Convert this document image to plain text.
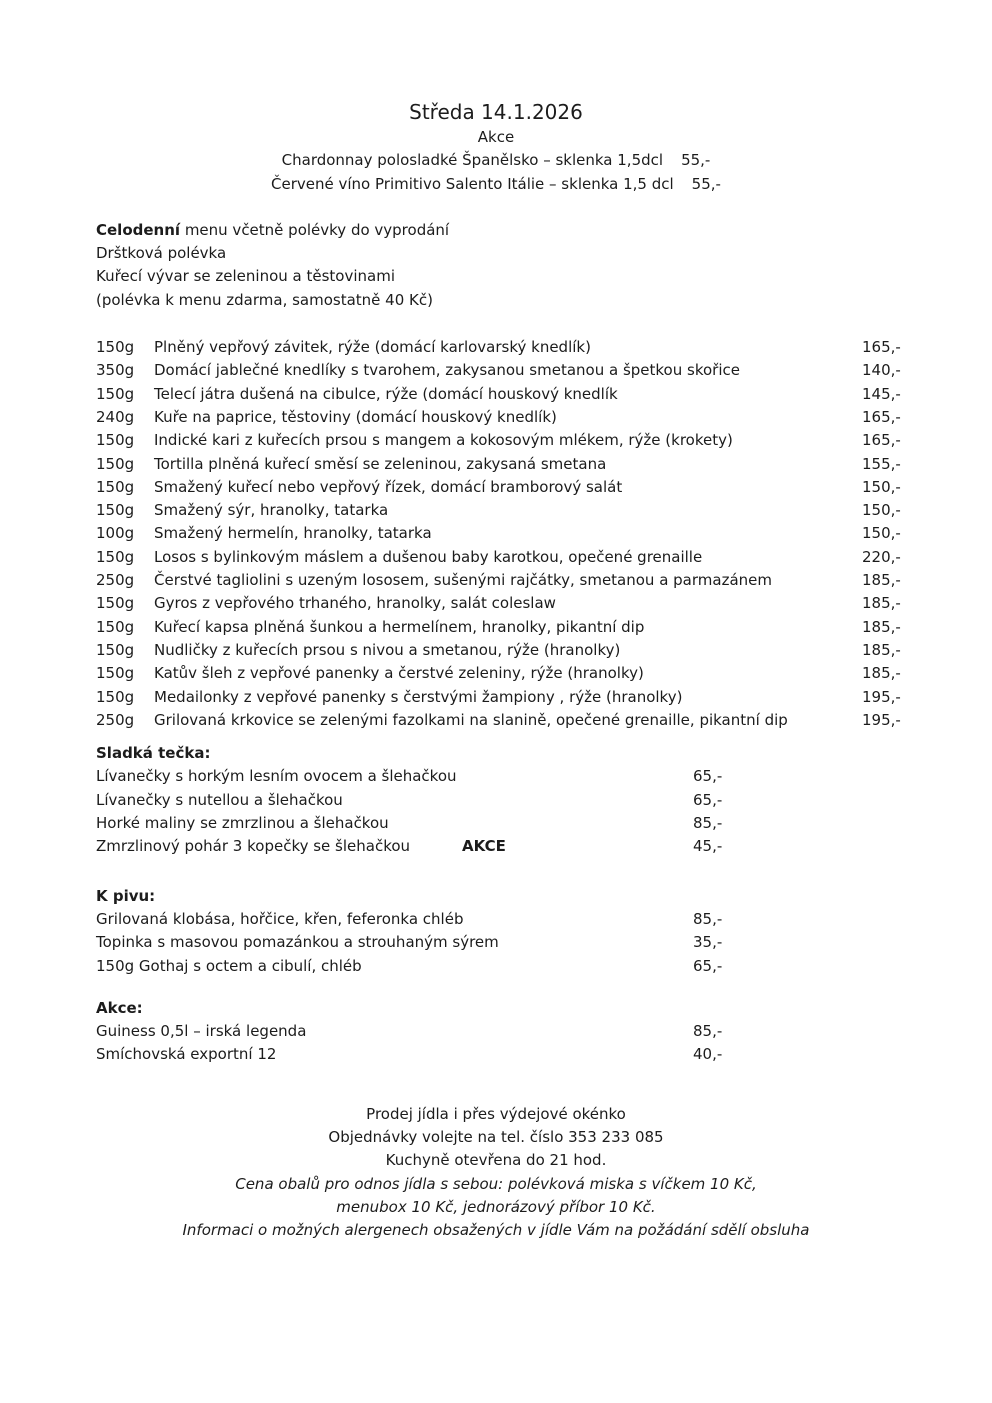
Středa 14.1.2026
Akce
Chardonnay polosladké Španělsko – sklenka 1,5dcl 55,-
Červené víno Primitivo Salento Itálie – sklenka 1,5 dcl 55,-
Celodenní menu včetně polévky do vyprodání
Drštková polévka
Kuřecí vývar se zeleninou a těstovinami
(polévka k menu zdarma, samostatně 40 Kč)
150g	Plněný vepřový závitek, rýže (domácí karlovarský knedlík)	165,-
350g	Domácí jablečné knedlíky s tvarohem, zakysanou smetanou a špetkou skořice	140,-
150g	Telecí játra dušená na cibulce, rýže (domácí houskový knedlík	145,-
240g	Kuře na paprice, těstoviny (domácí houskový knedlík)	165,-
150g	Indické kari z kuřecích prsou s mangem a kokosovým mlékem, rýže (krokety)	165,-
150g	Tortilla plněná kuřecí směsí se zeleninou, zakysaná smetana	155,-
150g	Smažený kuřecí nebo vepřový řízek, domácí bramborový salát	150,-
150g	Smažený sýr, hranolky, tatarka	150,-
100g	Smažený hermelín, hranolky, tatarka	150,-
150g	Losos s bylinkovým máslem a dušenou baby karotkou, opečené grenaille	220,-
250g	Čerstvé tagliolini s uzeným lososem, sušenými rajčátky, smetanou a parmazánem	185,-
150g	Gyros z vepřového trhaného, hranolky, salát coleslaw	185,-
150g	Kuřecí kapsa plněná šunkou a hermelínem, hranolky, pikantní dip	185,-
150g	Nudličky z kuřecích prsou s nivou a smetanou, rýže (hranolky)	185,-
150g	Katův šleh z vepřové panenky a čerstvé zeleniny, rýže (hranolky)	185,-
150g	Medailonky z vepřové panenky s čerstvými žampiony , rýže (hranolky)	195,-
250g	Grilovaná krkovice se zelenými fazolkami na slanině, opečené grenaille, pikantní dip	195,-
Sladká tečka:
Lívanečky s horkým lesním ovocem a šlehačkou	65,-
Lívanečky s nutellou a šlehačkou	65,-
Horké maliny se zmrzlinou a šlehačkou	85,-
Zmrzlinový pohár 3 kopečky se šlehačkou	AKCE	45,-
K pivu:
Grilovaná klobása, hořčice, křen, feferonka chléb	85,-
Topinka s masovou pomazánkou a strouhaným sýrem	35,-
150g Gothaj s octem a cibulí, chléb	65,-
Akce:
Guiness 0,5l – irská legenda	85,-
Smíchovská exportní 12	40,-
Prodej jídla i přes výdejové okénko
Objednávky volejte na tel. číslo 353 233 085
Kuchyně otevřena do 21 hod.
Cena obalů pro odnos jídla s sebou: polévková miska s víčkem 10 Kč,
menubox 10 Kč, jednorázový příbor 10 Kč.
Informaci o možných alergenech obsažených v jídle Vám na požádání sdělí obsluha
